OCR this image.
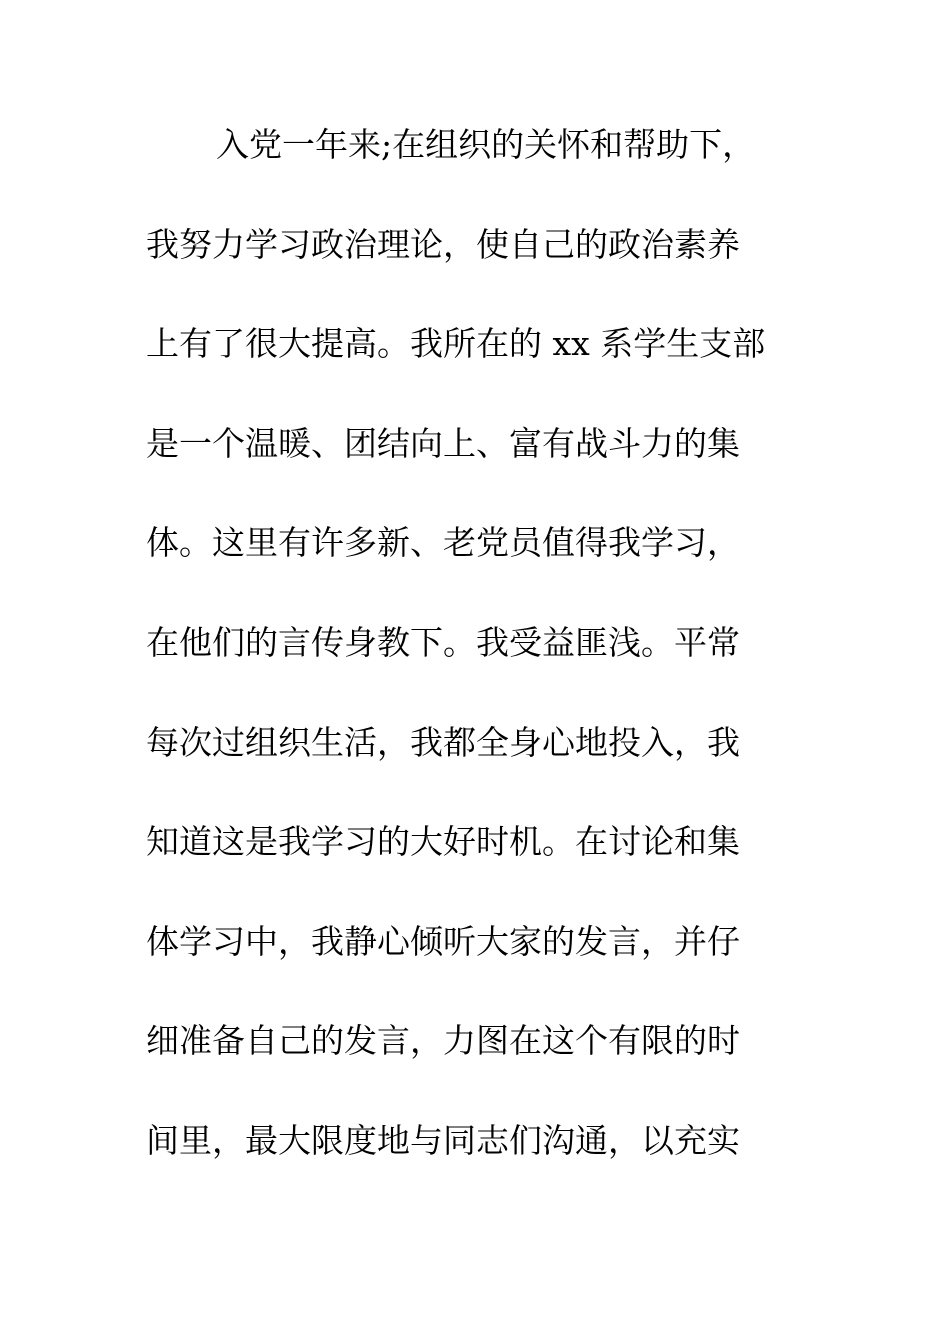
入党一年来;在组织的关怀和帮助下，
我努力学习政治理论，使自己的政治素养
上有了很大提高。我所在的 xx 系学生支部
是一个温暖、团结向上、富有战斗力的集
体。这里有许多新、老党员值得我学习，
在他们的言传身教下。我受益匪浅。平常
每次过组织生活，我都全身心地投入，我
知道这是我学习的大好时机。在讨论和集
体学习中，我静心倾听大家的发言，并仔
细准备自己的发言，力图在这个有限的时
间里，最大限度地与同志们沟通，以充实
